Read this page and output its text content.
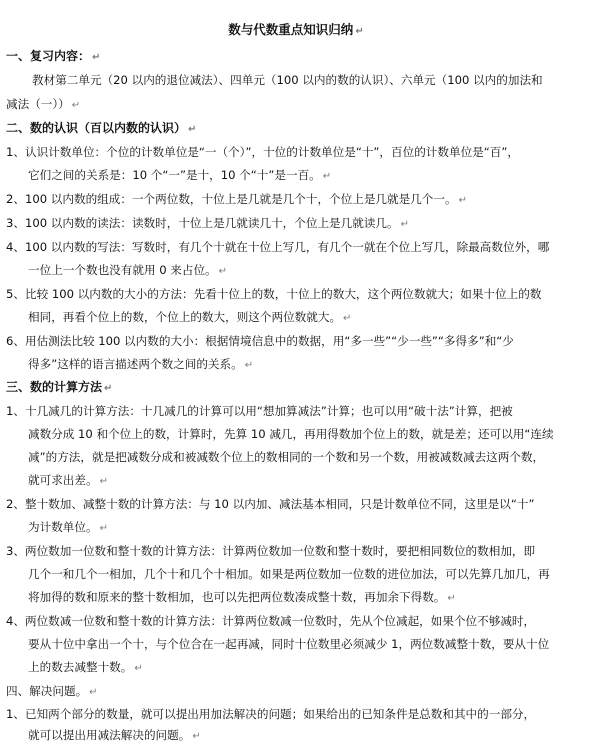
数与代数重点知识归纳 ↵
一、复习内容： ↵
教材第二单元（20 以内的退位减法）、四单元（100 以内的数的认识）、六单元（100 以内的加法和
减法（一）） ↵
二、数的认识（百以内数的认识） ↵
1、认识计数单位：个位的计数单位是“一（个）”，十位的计数单位是“十”，百位的计数单位是“百”，
它们之间的关系是：10 个“一”是十，10 个“十”是一百。 ↵
2、100 以内数的组成：一个两位数，十位上是几就是几个十，个位上是几就是几个一。 ↵
3、100 以内数的读法：读数时，十位上是几就读几十，个位上是几就读几。 ↵
4、100 以内数的写法：写数时，有几个十就在十位上写几，有几个一就在个位上写几，除最高数位外，哪
一位上一个数也没有就用 0 来占位。 ↵
5、比较 100 以内数的大小的方法：先看十位上的数，十位上的数大，这个两位数就大；如果十位上的数
相同，再看个位上的数，个位上的数大，则这个两位数就大。 ↵
6、用估测法比较 100 以内数的大小：根据情境信息中的数据，用“多一些”“少一些”“多得多”和“少
得多”这样的语言描述两个数之间的关系。 ↵
三、数的计算方法 ↵
1、十几减几的计算方法：十几减几的计算可以用“想加算减法”计算；也可以用“破十法”计算，把被
减数分成 10 和个位上的数，计算时，先算 10 减几，再用得数加个位上的数，就是差；还可以用“连续
减”的方法，就是把减数分成和被减数个位上的数相同的一个数和另一个数，用被减数减去这两个数，
就可求出差。 ↵
2、整十数加、减整十数的计算方法：与 10 以内加、减法基本相同，只是计数单位不同，这里是以“十”
为计数单位。 ↵
3、两位数加一位数和整十数的计算方法：计算两位数加一位数和整十数时，要把相同数位的数相加，即
几个一和几个一相加，几个十和几个十相加。如果是两位数加一位数的进位加法，可以先算几加几，再
将加得的数和原来的整十数相加，也可以先把两位数凑成整十数，再加余下得数。 ↵
4、两位数减一位数和整十数的计算方法：计算两位数减一位数时，先从个位减起，如果个位不够减时，
要从十位中拿出一个十，与个位合在一起再减，同时十位数里必须减少 1，两位数减整十数，要从十位
上的数去减整十数。 ↵
四、解决问题。 ↵
1、已知两个部分的数量，就可以提出用加法解决的问题；如果给出的已知条件是总数和其中的一部分，
就可以提出用减法解决的问题。 ↵
